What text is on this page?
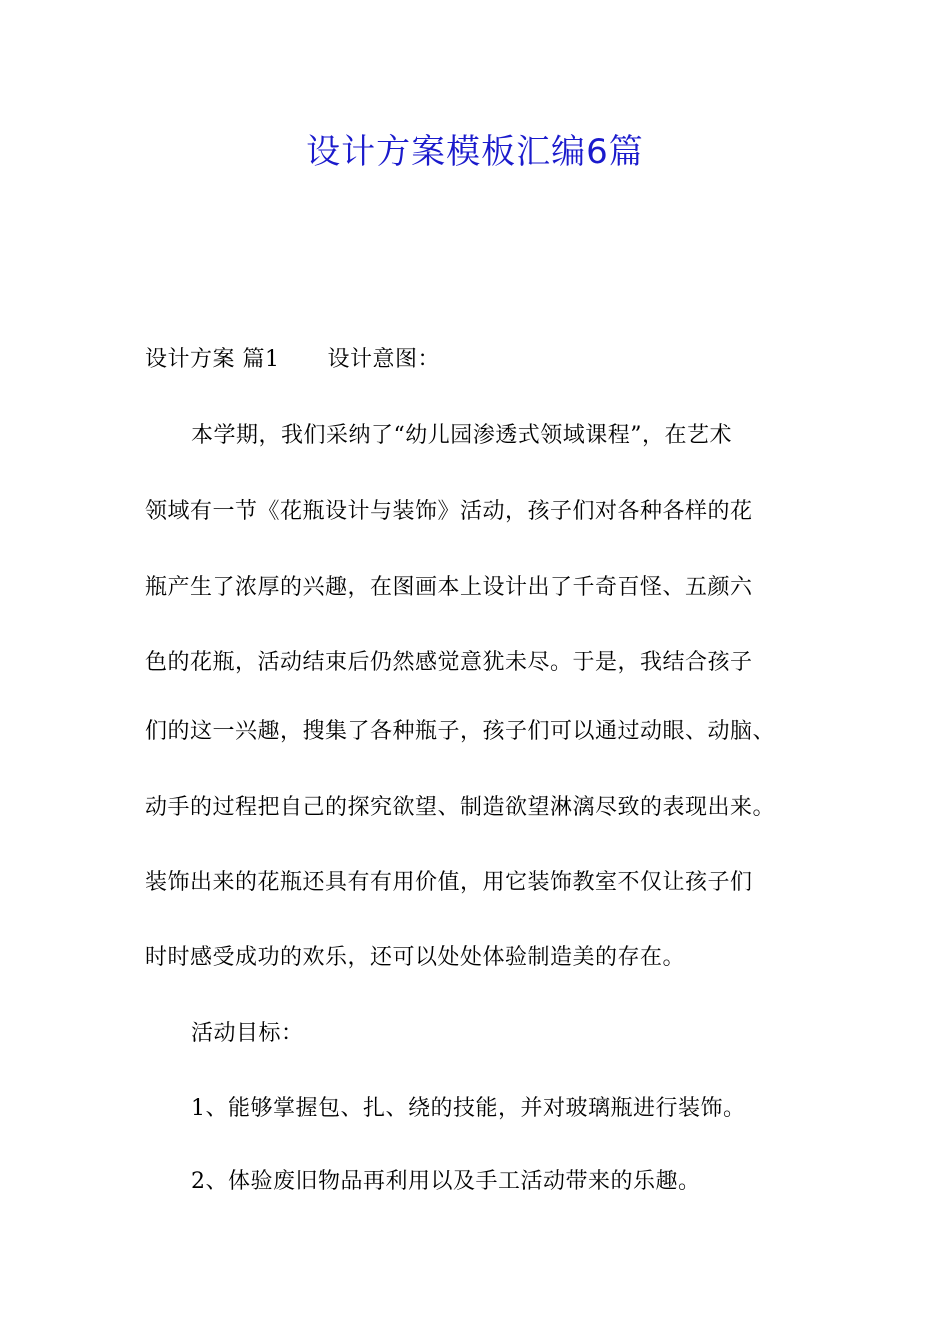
设计方案模板汇编6篇
设计方案 篇1 设计意图：
本学期，我们采纳了“幼儿园渗透式领域课程”，在艺术
领域有一节《花瓶设计与装饰》活动，孩子们对各种各样的花
瓶产生了浓厚的兴趣，在图画本上设计出了千奇百怪、五颜六
色的花瓶，活动结束后仍然感觉意犹未尽。于是，我结合孩子
们的这一兴趣，搜集了各种瓶子，孩子们可以通过动眼、动脑、
动手的过程把自己的探究欲望、制造欲望淋漓尽致的表现出来。
装饰出来的花瓶还具有有用价值，用它装饰教室不仅让孩子们
时时感受成功的欢乐，还可以处处体验制造美的存在。
活动目标：
1、能够掌握包、扎、绕的技能，并对玻璃瓶进行装饰。
2、体验废旧物品再利用以及手工活动带来的乐趣。
